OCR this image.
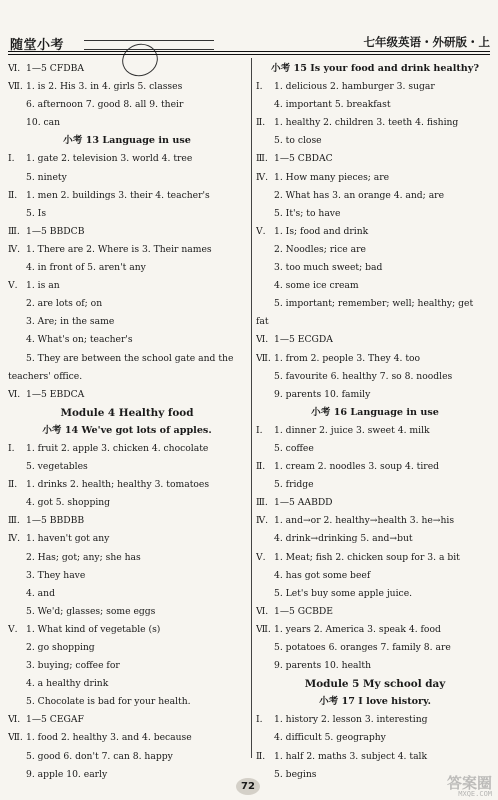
随堂小考	七年级英语・外研版・上
Ⅵ. 1—5 CFDBA
Ⅶ. 1. is 2. His 3. in 4. girls 5. classes
6. afternoon 7. good 8. all 9. their
10. can
小考 13 Language in use
Ⅰ. 1. gate 2. television 3. world 4. tree
5. ninety
Ⅱ. 1. men 2. buildings 3. their 4. teacher's
5. Is
Ⅲ. 1—5 BBDCB
Ⅳ. 1. There are 2. Where is 3. Their names
4. in front of 5. aren't any
Ⅴ. 1. is an
2. are lots of; on
3. Are; in the same
4. What's on; teacher's
5. They are between the school gate and the
teachers' office.
Ⅵ. 1—5 EBDCA
Module 4 Healthy food
小考 14 We've got lots of apples.
Ⅰ. 1. fruit 2. apple 3. chicken 4. chocolate
5. vegetables
Ⅱ. 1. drinks 2. health; healthy 3. tomatoes
4. got 5. shopping
Ⅲ. 1—5 BBDBB
Ⅳ. 1. haven't got any
2. Has; got; any; she has
3. They have
4. and
5. We'd; glasses; some eggs
Ⅴ. 1. What kind of vegetable (s)
2. go shopping
3. buying; coffee for
4. a healthy drink
5. Chocolate is bad for your health.
Ⅵ. 1—5 CEGAF
Ⅶ. 1. food 2. healthy 3. and 4. because
5. good 6. don't 7. can 8. happy
9. apple 10. early
小考 15 Is your food and drink healthy?
Ⅰ. 1. delicious 2. hamburger 3. sugar
4. important 5. breakfast
Ⅱ. 1. healthy 2. children 3. teeth 4. fishing
5. to close
Ⅲ. 1—5 CBDAC
Ⅳ. 1. How many pieces; are
2. What has 3. an orange 4. and; are
5. It's; to have
Ⅴ. 1. Is; food and drink
2. Noodles; rice are
3. too much sweet; bad
4. some ice cream
5. important; remember; well; healthy; get
fat
Ⅵ. 1—5 ECGDA
Ⅶ. 1. from 2. people 3. They 4. too
5. favourite 6. healthy 7. so 8. noodles
9. parents 10. family
小考 16 Language in use
Ⅰ. 1. dinner 2. juice 3. sweet 4. milk
5. coffee
Ⅱ. 1. cream 2. noodles 3. soup 4. tired
5. fridge
Ⅲ. 1—5 AABDD
Ⅳ. 1. and→or 2. healthy→health 3. he→his
4. drink→drinking 5. and→but
Ⅴ. 1. Meat; fish 2. chicken soup for 3. a bit
4. has got some beef
5. Let's buy some apple juice.
Ⅵ. 1—5 GCBDE
Ⅶ. 1. years 2. America 3. speak 4. food
5. potatoes 6. oranges 7. family 8. are
9. parents 10. health
Module 5 My school day
小考 17 I love history.
Ⅰ. 1. history 2. lesson 3. interesting
4. difficult 5. geography
Ⅱ. 1. half 2. maths 3. subject 4. talk
5. begins
72	答案圈
MXQE.COM
